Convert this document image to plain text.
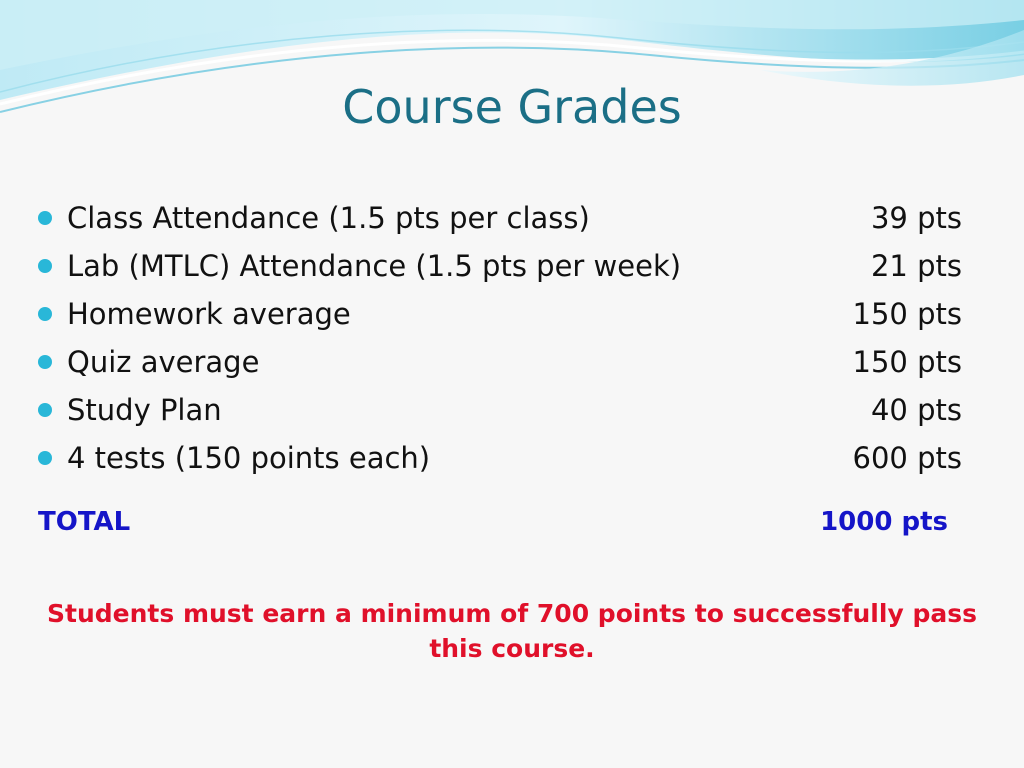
Course Grades
Class Attendance (1.5 pts per class)	39 pts
Lab (MTLC) Attendance (1.5 pts per week)	21 pts
Homework average	150 pts
Quiz average	150 pts
Study Plan	40 pts
4 tests (150 points each)	600 pts
TOTAL	1000 pts
Students must earn a minimum of 700 points to successfully pass this course.
